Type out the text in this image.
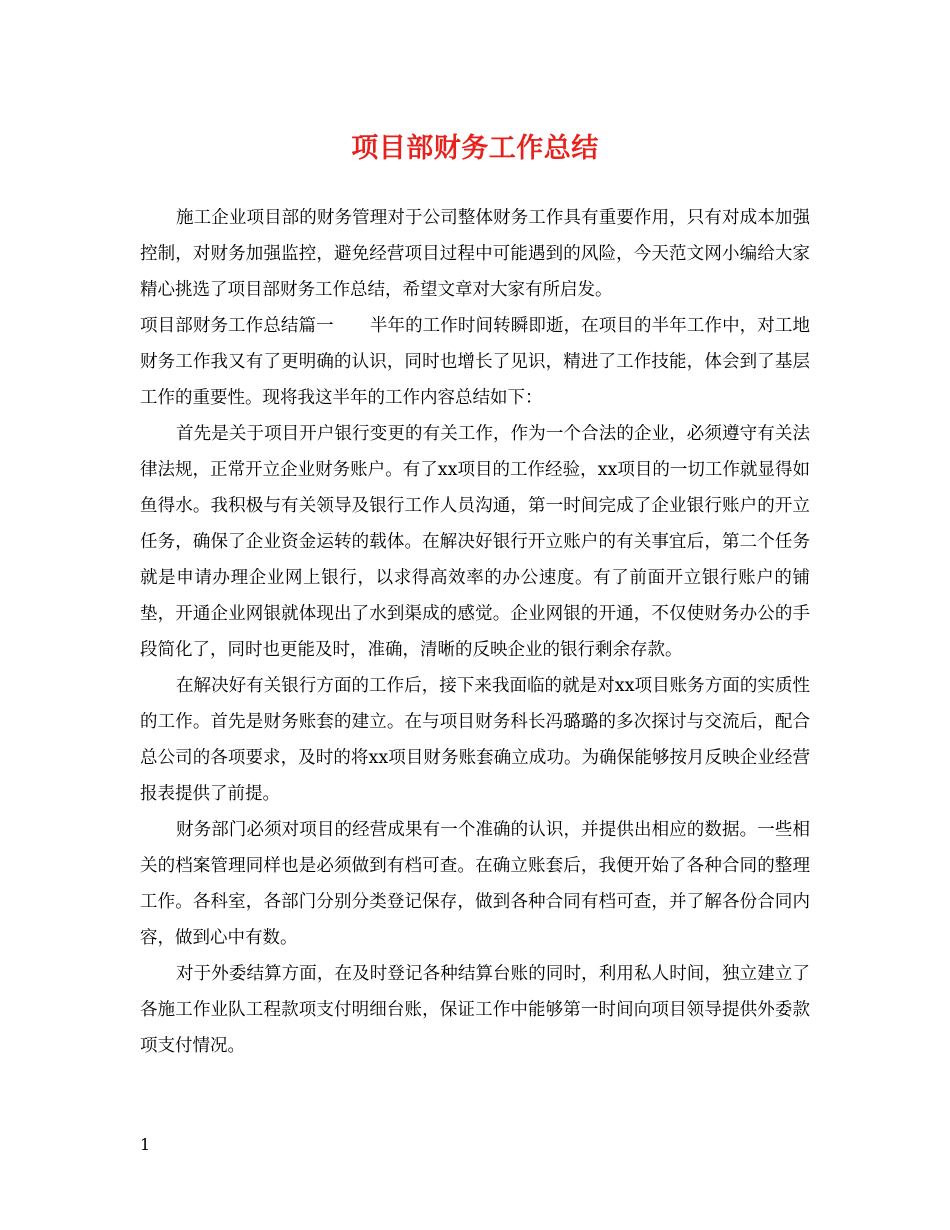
项目部财务工作总结

施工企业项目部的财务管理对于公司整体财务工作具有重要作用，只有对成本加强控制，对财务加强监控，避免经营项目过程中可能遇到的风险，今天范文网小编给大家精心挑选了项目部财务工作总结，希望文章对大家有所启发。

项目部财务工作总结篇一 半年的工作时间转瞬即逝，在项目的半年工作中，对工地财务工作我又有了更明确的认识，同时也增长了见识，精进了工作技能，体会到了基层工作的重要性。现将我这半年的工作内容总结如下：

首先是关于项目开户银行变更的有关工作，作为一个合法的企业，必须遵守有关法律法规，正常开立企业财务账户。有了xx项目的工作经验，xx项目的一切工作就显得如鱼得水。我积极与有关领导及银行工作人员沟通，第一时间完成了企业银行账户的开立任务，确保了企业资金运转的载体。在解决好银行开立账户的有关事宜后，第二个任务就是申请办理企业网上银行，以求得高效率的办公速度。有了前面开立银行账户的铺垫，开通企业网银就体现出了水到渠成的感觉。企业网银的开通，不仅使财务办公的手段简化了，同时也更能及时，准确，清晰的反映企业的银行剩余存款。

在解决好有关银行方面的工作后，接下来我面临的就是对xx项目账务方面的实质性的工作。首先是财务账套的建立。在与项目财务科长冯璐璐的多次探讨与交流后，配合总公司的各项要求，及时的将xx项目财务账套确立成功。为确保能够按月反映企业经营报表提供了前提。

财务部门必须对项目的经营成果有一个准确的认识，并提供出相应的数据。一些相关的档案管理同样也是必须做到有档可查。在确立账套后，我便开始了各种合同的整理工作。各科室，各部门分别分类登记保存，做到各种合同有档可查，并了解各份合同内容，做到心中有数。

对于外委结算方面，在及时登记各种结算台账的同时，利用私人时间，独立建立了各施工作业队工程款项支付明细台账，保证工作中能够第一时间向项目领导提供外委款项支付情况。

1
